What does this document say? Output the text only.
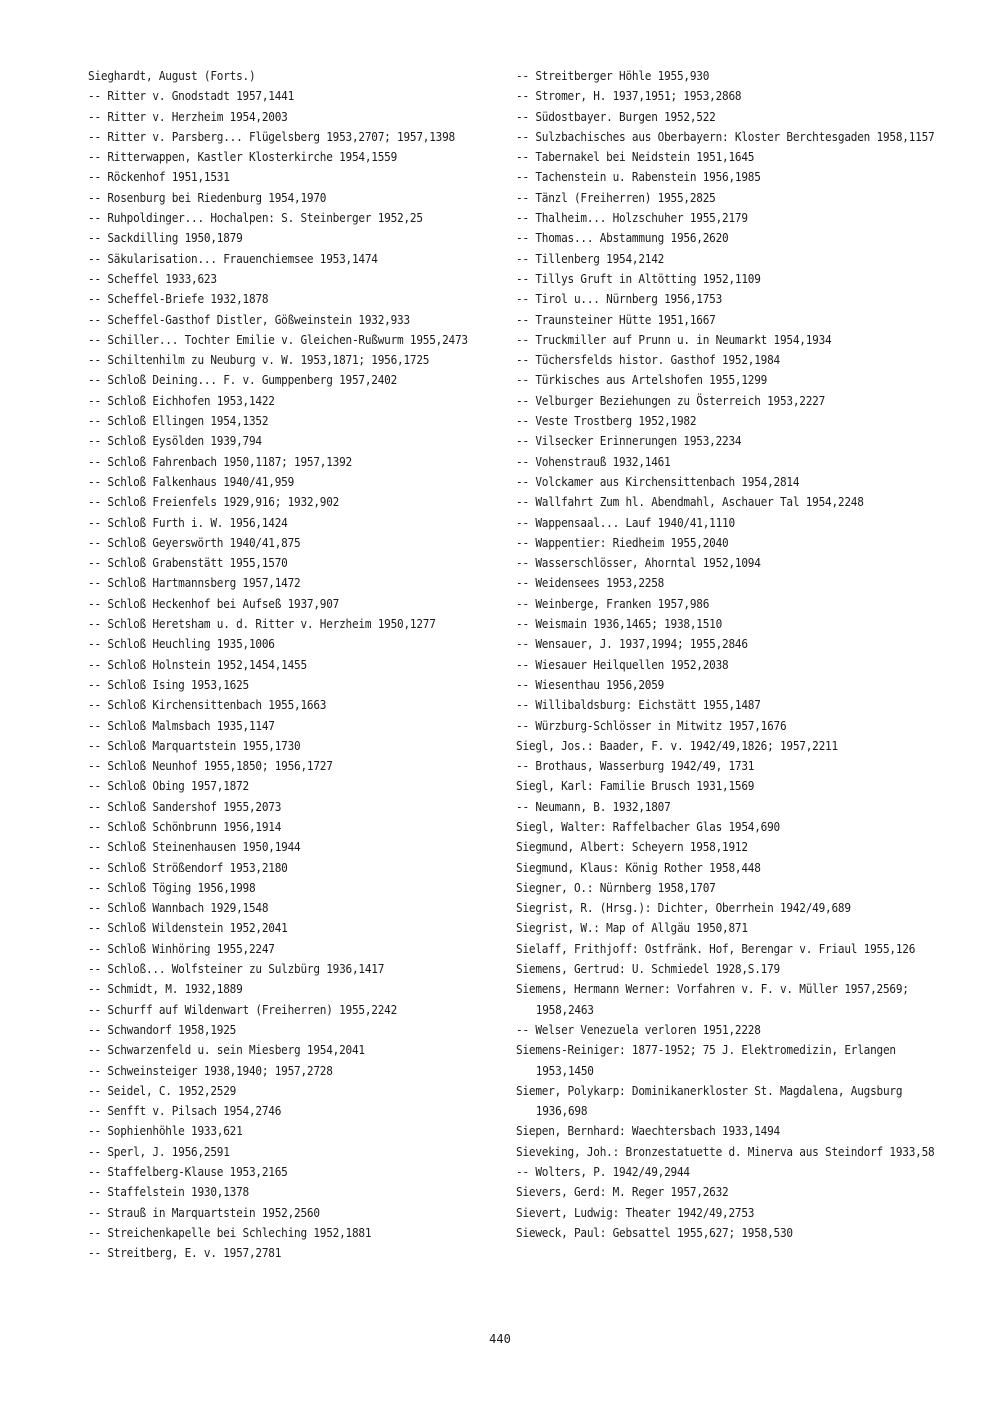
Sieghardt, August (Forts.)
-- Ritter v. Gnodstadt 1957,1441
-- Ritter v. Herzheim 1954,2003
-- Ritter v. Parsberg... Flügelsberg 1953,2707; 1957,1398
-- Ritterwappen, Kastler Klosterkirche 1954,1559
-- Röckenhof 1951,1531
-- Rosenburg bei Riedenburg 1954,1970
-- Ruhpoldinger... Hochalpen: S. Steinberger 1952,25
-- Sackdilling 1950,1879
-- Säkularisation... Frauenchiemsee 1953,1474
-- Scheffel 1933,623
-- Scheffel-Briefe 1932,1878
-- Scheffel-Gasthof Distler, Gößweinstein 1932,933
-- Schiller... Tochter Emilie v. Gleichen-Rußwurm 1955,2473
-- Schiltenhilm zu Neuburg v. W. 1953,1871; 1956,1725
-- Schloß Deining... F. v. Gumppenberg 1957,2402
-- Schloß Eichhofen 1953,1422
-- Schloß Ellingen 1954,1352
-- Schloß Eysölden 1939,794
-- Schloß Fahrenbach 1950,1187; 1957,1392
-- Schloß Falkenhaus 1940/41,959
-- Schloß Freienfels 1929,916; 1932,902
-- Schloß Furth i. W. 1956,1424
-- Schloß Geyerswörth 1940/41,875
-- Schloß Grabenstätt 1955,1570
-- Schloß Hartmannsberg 1957,1472
-- Schloß Heckenhof bei Aufseß 1937,907
-- Schloß Heretsham u. d. Ritter v. Herzheim 1950,1277
-- Schloß Heuchling 1935,1006
-- Schloß Holnstein 1952,1454,1455
-- Schloß Ising 1953,1625
-- Schloß Kirchensittenbach 1955,1663
-- Schloß Malmsbach 1935,1147
-- Schloß Marquartstein 1955,1730
-- Schloß Neunhof 1955,1850; 1956,1727
-- Schloß Obing 1957,1872
-- Schloß Sandershof 1955,2073
-- Schloß Schönbrunn 1956,1914
-- Schloß Steinenhausen 1950,1944
-- Schloß Strößendorf 1953,2180
-- Schloß Töging 1956,1998
-- Schloß Wannbach 1929,1548
-- Schloß Wildenstein 1952,2041
-- Schloß Winhöring 1955,2247
-- Schloß... Wolfsteiner zu Sulzbürg 1936,1417
-- Schmidt, M. 1932,1889
-- Schurff auf Wildenwart (Freiherren) 1955,2242
-- Schwandorf 1958,1925
-- Schwarzenfeld u. sein Miesberg 1954,2041
-- Schweinsteiger 1938,1940; 1957,2728
-- Seidel, C. 1952,2529
-- Senfft v. Pilsach 1954,2746
-- Sophienhöhle 1933,621
-- Sperl, J. 1956,2591
-- Staffelberg-Klause 1953,2165
-- Staffelstein 1930,1378
-- Strauß in Marquartstein 1952,2560
-- Streichenkapelle bei Schleching 1952,1881
-- Streitberg, E. v. 1957,2781
-- Streitberger Höhle 1955,930
-- Stromer, H. 1937,1951; 1953,2868
-- Südostbayer. Burgen 1952,522
-- Sulzbachisches aus Oberbayern: Kloster Berchtesgaden 1958,1157
-- Tabernakel bei Neidstein 1951,1645
-- Tachenstein u. Rabenstein 1956,1985
-- Tänzl (Freiherren) 1955,2825
-- Thalheim... Holzschuher 1955,2179
-- Thomas... Abstammung 1956,2620
-- Tillenberg 1954,2142
-- Tillys Gruft in Altötting 1952,1109
-- Tirol u... Nürnberg 1956,1753
-- Traunsteiner Hütte 1951,1667
-- Truckmiller auf Prunn u. in Neumarkt 1954,1934
-- Tüchersfelds histor. Gasthof 1952,1984
-- Türkisches aus Artelshofen 1955,1299
-- Velburger Beziehungen zu Österreich 1953,2227
-- Veste Trostberg 1952,1982
-- Vilsecker Erinnerungen 1953,2234
-- Vohenstrauß 1932,1461
-- Volckamer aus Kirchensittenbach 1954,2814
-- Wallfahrt Zum hl. Abendmahl, Aschauer Tal 1954,2248
-- Wappensaal... Lauf 1940/41,1110
-- Wappentier: Riedheim 1955,2040
-- Wasserschlösser, Ahorntal 1952,1094
-- Weidensees 1953,2258
-- Weinberge, Franken 1957,986
-- Weismain 1936,1465; 1938,1510
-- Wensauer, J. 1937,1994; 1955,2846
-- Wiesauer Heilquellen 1952,2038
-- Wiesenthau 1956,2059
-- Willibaldsburg: Eichstätt 1955,1487
-- Würzburg-Schlösser in Mitwitz 1957,1676
Siegl, Jos.: Baader, F. v. 1942/49,1826; 1957,2211
-- Brothaus, Wasserburg 1942/49, 1731
Siegl, Karl: Familie Brusch 1931,1569
-- Neumann, B. 1932,1807
Siegl, Walter: Raffelbacher Glas 1954,690
Siegmund, Albert: Scheyern 1958,1912
Siegmund, Klaus: König Rother 1958,448
Siegner, O.: Nürnberg 1958,1707
Siegrist, R. (Hrsg.): Dichter, Oberrhein 1942/49,689
Siegrist, W.: Map of Allgäu 1950,871
Sielaff, Frithjoff: Ostfränk. Hof, Berengar v. Friaul 1955,126
Siemens, Gertrud: U. Schmiedel 1928,S.179
Siemens, Hermann Werner: Vorfahren v. F. v. Müller 1957,2569; 1958,2463
-- Welser Venezuela verloren 1951,2228
Siemens-Reiniger: 1877-1952; 75 J. Elektromedizin, Erlangen 1953,1450
Siemer, Polykarp: Dominikanerkloster St. Magdalena, Augsburg 1936,698
Siepen, Bernhard: Waechtersbach 1933,1494
Sieveking, Joh.: Bronzestatuette d. Minerva aus Steindorf 1933,58
-- Wolters, P. 1942/49,2944
Sievers, Gerd: M. Reger 1957,2632
Sievert, Ludwig: Theater 1942/49,2753
Sieweck, Paul: Gebsattel 1955,627; 1958,530
440
